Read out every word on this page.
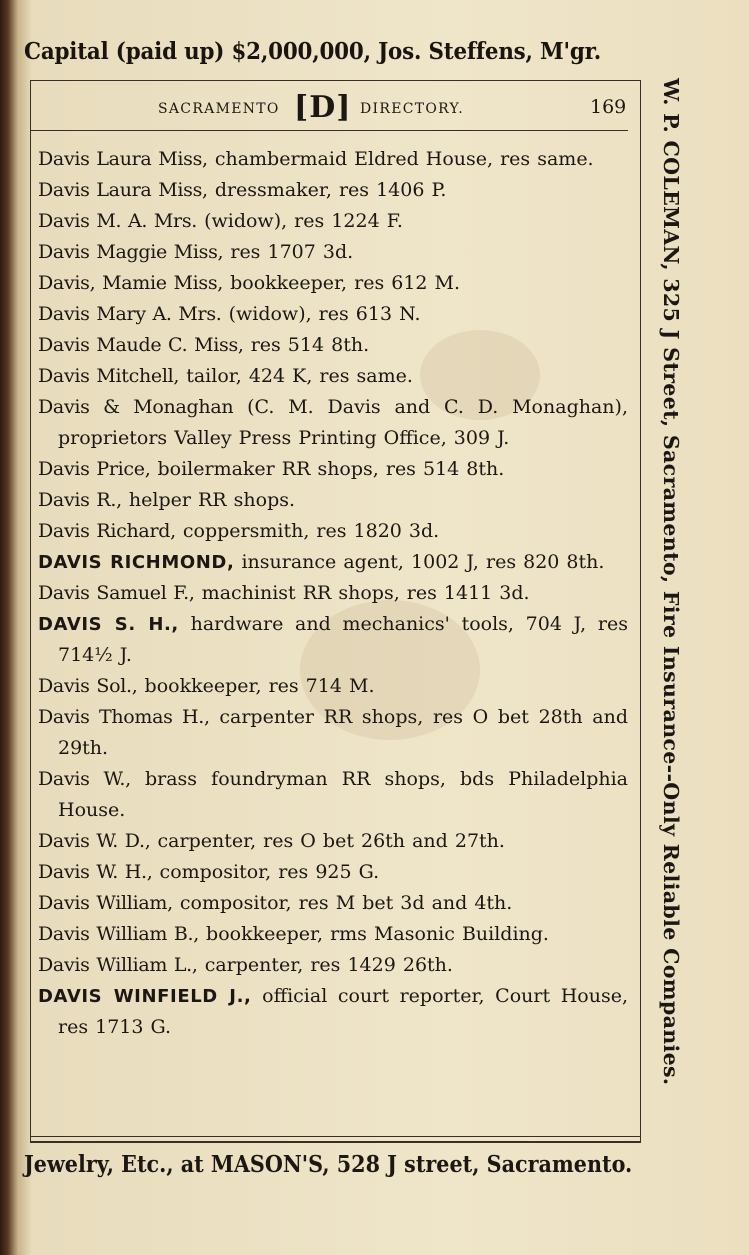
Capital (paid up) $2,000,000, Jos. Steffens, M'gr.
SACRAMENTO [D] DIRECTORY.	169
Davis Laura Miss, chambermaid Eldred House, res same.
Davis Laura Miss, dressmaker, res 1406 P.
Davis M. A. Mrs. (widow), res 1224 F.
Davis Maggie Miss, res 1707 3d.
Davis, Mamie Miss, bookkeeper, res 612 M.
Davis Mary A. Mrs. (widow), res 613 N.
Davis Maude C. Miss, res 514 8th.
Davis Mitchell, tailor, 424 K, res same.
Davis & Monaghan (C. M. Davis and C. D. Monaghan), proprietors Valley Press Printing Office, 309 J.
Davis Price, boilermaker RR shops, res 514 8th.
Davis R., helper RR shops.
Davis Richard, coppersmith, res 1820 3d.
DAVIS RICHMOND, insurance agent, 1002 J, res 820 8th.
Davis Samuel F., machinist RR shops, res 1411 3d.
DAVIS S. H., hardware and mechanics' tools, 704 J, res 714½ J.
Davis Sol., bookkeeper, res 714 M.
Davis Thomas H., carpenter RR shops, res O bet 28th and 29th.
Davis W., brass foundryman RR shops, bds Philadelphia House.
Davis W. D., carpenter, res O bet 26th and 27th.
Davis W. H., compositor, res 925 G.
Davis William, compositor, res M bet 3d and 4th.
Davis William B., bookkeeper, rms Masonic Building.
Davis William L., carpenter, res 1429 26th.
DAVIS WINFIELD J., official court reporter, Court House, res 1713 G.	W. P. COLEMAN, 325 J Street, Sacramento, Fire Insurance--Only Reliable Companies.
Jewelry, Etc., at MASON'S, 528 J street, Sacramento.
